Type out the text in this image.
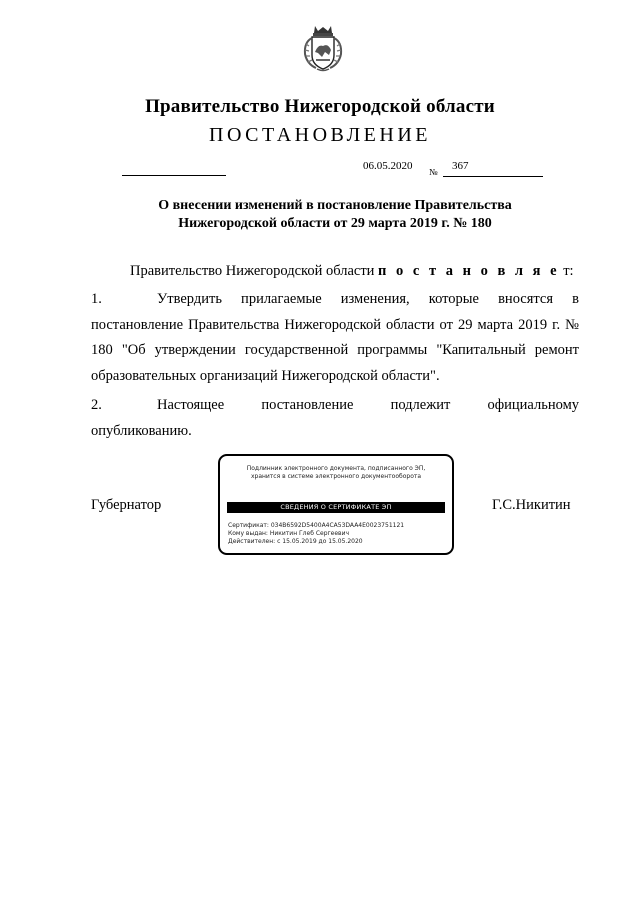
Правительство Нижегородской области
ПОСТАНОВЛЕНИЕ
06.05.2020 № 367
О внесении изменений в постановление Правительства
Нижегородской области от 29 марта 2019 г. № 180
Правительство Нижегородской области п о с т а н о в л я е т:
1.	Утвердить прилагаемые изменения, которые вносятся в постановление Правительства Нижегородской области от 29 марта 2019 г. № 180 "Об утверждении государственной программы "Капитальный ремонт образовательных организаций Нижегородской области".
2.	Настоящее постановление подлежит официальному опубликованию.
Губернатор	Г.С.Никитин
Подлинник электронного документа, подписанного ЭП,
хранится в системе электронного документооборота
СВЕДЕНИЯ О СЕРТИФИКАТЕ ЭП
Сертификат: 034B6592D5400A4CA53DAA4E0023751121
Кому выдан: Никитин Глеб Сергеевич
Действителен: с 15.05.2019 до 15.05.2020
